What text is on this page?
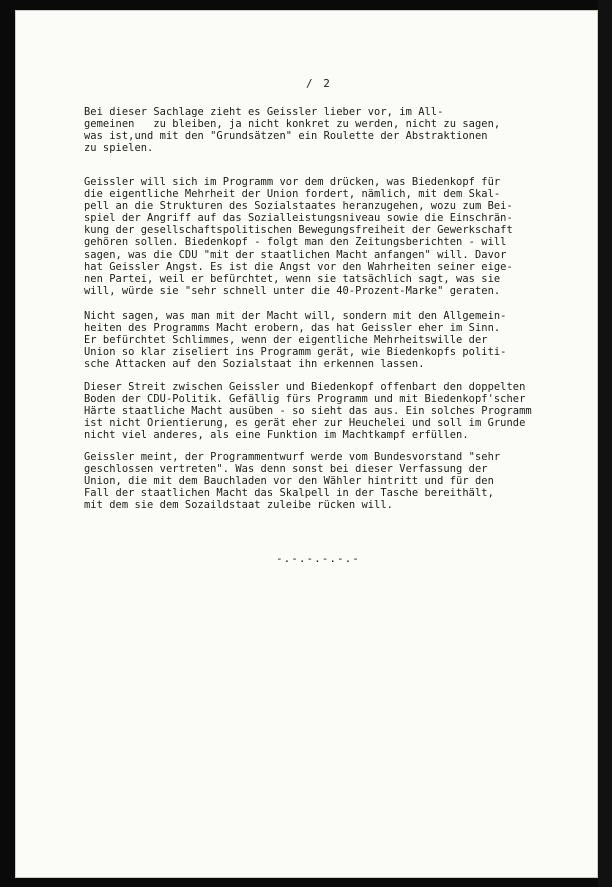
/ 2
Bei dieser Sachlage zieht es Geissler lieber vor, im All-
gemeinen   zu bleiben, ja nicht konkret zu werden, nicht zu sagen,
was ist,und mit den "Grundsätzen" ein Roulette der Abstraktionen
zu spielen.
Geissler will sich im Programm vor dem drücken, was Biedenkopf für
die eigentliche Mehrheit der Union fordert, nämlich, mit dem Skal-
pell an die Strukturen des Sozialstaates heranzugehen, wozu zum Bei-
spiel der Angriff auf das Sozialleistungsniveau sowie die Einschrän-
kung der gesellschaftspolitischen Bewegungsfreiheit der Gewerkschaft
gehören sollen. Biedenkopf - folgt man den Zeitungsberichten - will
sagen, was die CDU "mit der staatlichen Macht anfangen" will. Davor
hat Geissler Angst. Es ist die Angst vor den Wahrheiten seiner eige-
nen Partei, weil er befürchtet, wenn sie tatsächlich sagt, was sie
will, würde sie "sehr schnell unter die 40-Prozent-Marke" geraten.
Nicht sagen, was man mit der Macht will, sondern mit den Allgemein-
heiten des Programms Macht erobern, das hat Geissler eher im Sinn.
Er befürchtet Schlimmes, wenn der eigentliche Mehrheitswille der
Union so klar ziseliert ins Programm gerät, wie Biedenkopfs politi-
sche Attacken auf den Sozialstaat ihn erkennen lassen.
Dieser Streit zwischen Geissler und Biedenkopf offenbart den doppelten
Boden der CDU-Politik. Gefällig fürs Programm und mit Biedenkopf'scher
Härte staatliche Macht ausüben - so sieht das aus. Ein solches Programm
ist nicht Orientierung, es gerät eher zur Heuchelei und soll im Grunde
nicht viel anderes, als eine Funktion im Machtkampf erfüllen.
Geissler meint, der Programmentwurf werde vom Bundesvorstand "sehr
geschlossen vertreten". Was denn sonst bei dieser Verfassung der
Union, die mit dem Bauchladen vor den Wähler hintritt und für den
Fall der staatlichen Macht das Skalpell in der Tasche bereithält,
mit dem sie dem Sozaildstaat zuleibe rücken will.
-.-.-.-.-.-
